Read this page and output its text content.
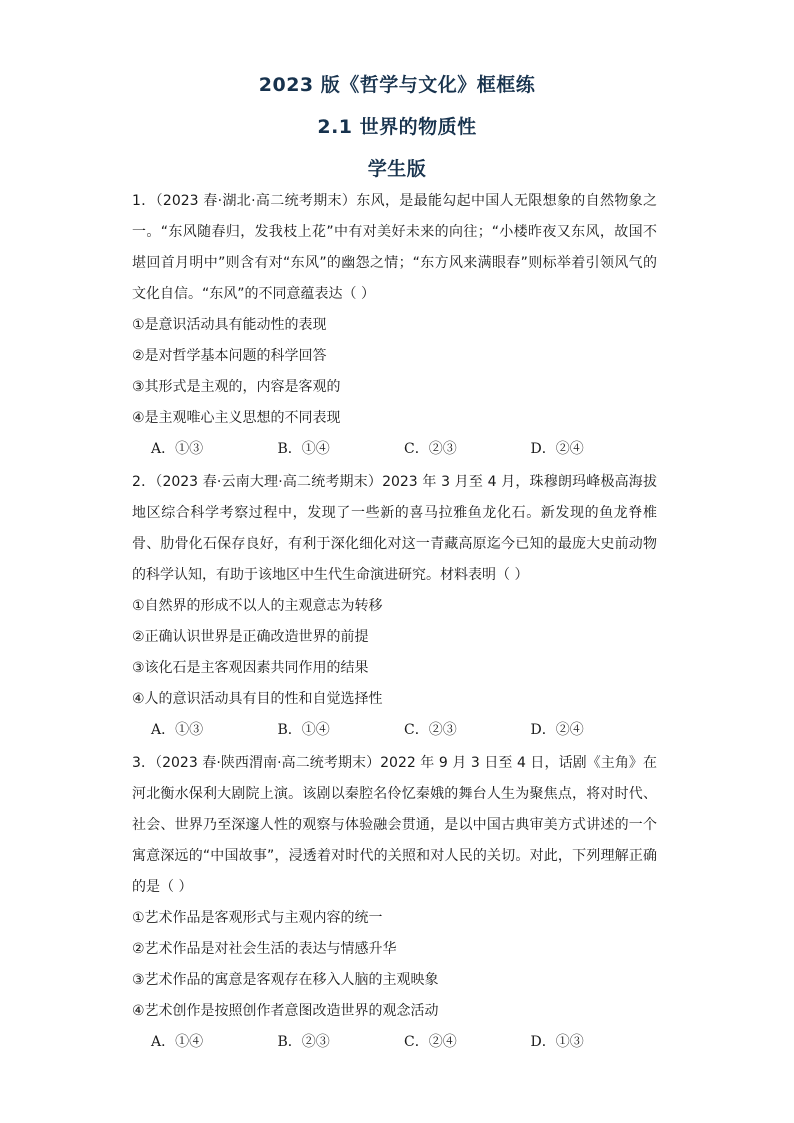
2023 版《哲学与文化》框框练
2.1 世界的物质性
学生版

1．（2023 春·湖北·高二统考期末）东风，是最能勾起中国人无限想象的自然物象之一。“东风随春归，发我枝上花”中有对美好未来的向往；“小楼昨夜又东风，故国不堪回首月明中”则含有对“东风”的幽怨之情；“东方风来满眼春”则标举着引领风气的文化自信。“东风”的不同意蕴表达（ ）

①是意识活动具有能动性的表现
②是对哲学基本问题的科学回答
③其形式是主观的，内容是客观的
④是主观唯心主义思想的不同表现
A．①③	B．①④	C．②③	D．②④

2．（2023 春·云南大理·高二统考期末）2023 年 3 月至 4 月，珠穆朗玛峰极高海拔地区综合科学考察过程中，发现了一些新的喜马拉雅鱼龙化石。新发现的鱼龙脊椎骨、肋骨化石保存良好，有利于深化细化对这一青藏高原迄今已知的最庞大史前动物的科学认知，有助于该地区中生代生命演进研究。材料表明（ ）

①自然界的形成不以人的主观意志为转移
②正确认识世界是正确改造世界的前提
③该化石是主客观因素共同作用的结果
④人的意识活动具有目的性和自觉选择性
A．①③	B．①④	C．②③	D．②④

3．（2023 春·陕西渭南·高二统考期末）2022 年 9 月 3 日至 4 日，话剧《主角》在河北衡水保利大剧院上演。该剧以秦腔名伶忆秦娥的舞台人生为聚焦点，将对时代、社会、世界乃至深邃人性的观察与体验融会贯通，是以中国古典审美方式讲述的一个寓意深远的“中国故事”，浸透着对时代的关照和对人民的关切。对此，下列理解正确的是（ ）

①艺术作品是客观形式与主观内容的统一
②艺术作品是对社会生活的表达与情感升华
③艺术作品的寓意是客观存在移入人脑的主观映象
④艺术创作是按照创作者意图改造世界的观念活动
A．①④	B．②③	C．②④	D．①③
